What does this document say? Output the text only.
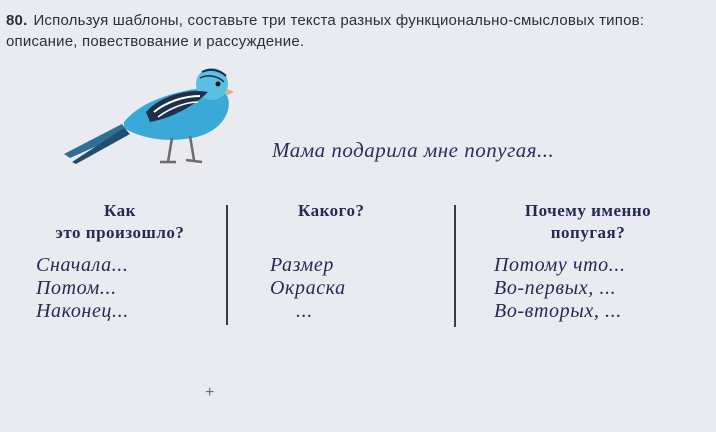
80. Используя шаблоны, составьте три текста разных функционально-смысловых типов: описание, повествование и рассуждение.
Мама подарила мне попугая...
Как
это произошло?
Сначала...
Потом...
Наконец...
Какого?
Размер
Окраска
...
Почему именно
попугая?
Потому что...
Во-первых, ...
Во-вторых, ...
+
